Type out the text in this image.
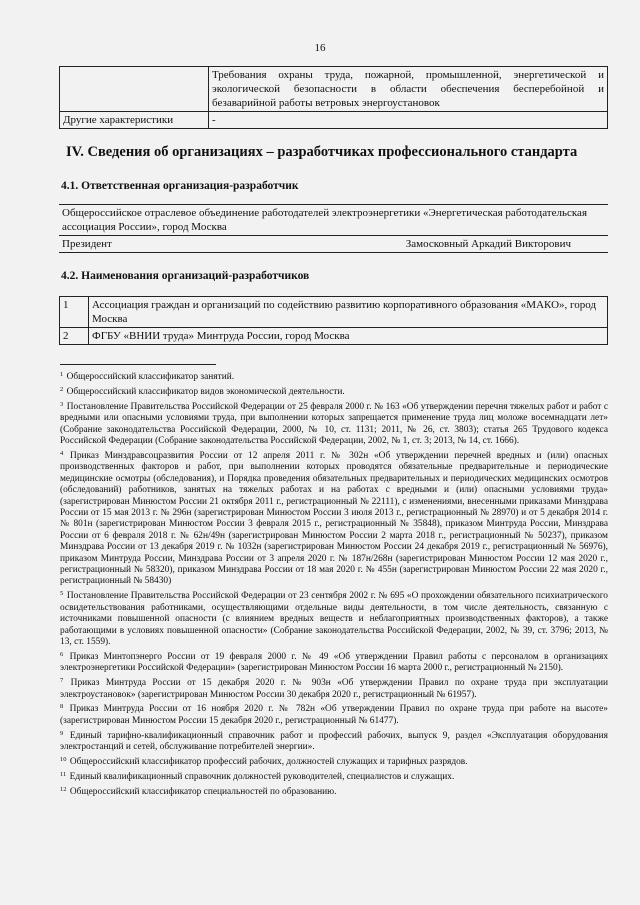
16
	Требования охраны труда, пожарной, промышленной, энергетической и экологической безопасности в области обеспечения бесперебойной и безаварийной работы ветровых энергоустановок
Другие характеристики	-
IV. Сведения об организациях – разработчиках профессионального стандарта
4.1. Ответственная организация-разработчик
Общероссийское отраслевое объединение работодателей электроэнергетики «Энергетическая работодательская ассоциация России», город Москва
Президент	Замосковный Аркадий Викторович
4.2. Наименования организаций-разработчиков
1	Ассоциация граждан и организаций по содействию развитию корпоративного образования «МАКО», город Москва
2	ФГБУ «ВНИИ труда» Минтруда России, город Москва

$^1$ Общероссийский классификатор занятий.

$^2$ Общероссийский классификатор видов экономической деятельности.

$^3$ Постановление Правительства Российской Федерации от 25 февраля 2000 г. № 163 «Об утверждении перечня тяжелых работ и работ с вредными или опасными условиями труда, при выполнении которых запрещается применение труда лиц моложе восемнадцати лет» (Собрание законодательства Российской Федерации, 2000, № 10, ст. 1131; 2011, № 26, ст. 3803); статья 265 Трудового кодекса Российской Федерации (Собрание законодательства Российской Федерации, 2002, № 1, ст. 3; 2013, № 14, ст. 1666).

$^4$ Приказ Минздравсоцразвития России от 12 апреля 2011 г. № 302н «Об утверждении перечней вредных и (или) опасных производственных факторов и работ, при выполнении которых проводятся обязательные предварительные и периодические медицинские осмотры (обследования), и Порядка проведения обязательных предварительных и периодических медицинских осмотров (обследований) работников, занятых на тяжелых работах и на работах с вредными и (или) опасными условиями труда» (зарегистрирован Минюстом России 21 октября 2011 г., регистрационный № 22111), с изменениями, внесенными приказами Минздрава России от 15 мая 2013 г. № 296н (зарегистрирован Минюстом России 3 июля 2013 г., регистрационный № 28970) и от 5 декабря 2014 г. № 801н (зарегистрирован Минюстом России 3 февраля 2015 г., регистрационный № 35848), приказом Минтруда России, Минздрава России от 6 февраля 2018 г. № 62н/49н (зарегистрирован Минюстом России 2 марта 2018 г., регистрационный № 50237), приказом Минздрава России от 13 декабря 2019 г. № 1032н (зарегистрирован Минюстом России 24 декабря 2019 г., регистрационный № 56976), приказом Минтруда России, Минздрава России от 3 апреля 2020 г. № 187н/268н (зарегистрирован Минюстом России 12 мая 2020 г., регистрационный № 58320), приказом Минздрава России от 18 мая 2020 г. № 455н (зарегистрирован Минюстом России 22 мая 2020 г., регистрационный № 58430)

$^5$ Постановление Правительства Российской Федерации от 23 сентября 2002 г. № 695 «О прохождении обязательного психиатрического освидетельствования работниками, осуществляющими отдельные виды деятельности, в том числе деятельность, связанную с источниками повышенной опасности (с влиянием вредных веществ и неблагоприятных производственных факторов), а также работающими в условиях повышенной опасности» (Собрание законодательства Российской Федерации, 2002, № 39, ст. 3796; 2013, № 13, ст. 1559).

$^6$ Приказ Минтопэнерго России от 19 февраля 2000 г. № 49 «Об утверждении Правил работы с персоналом в организациях электроэнергетики Российской Федерации» (зарегистрирован Минюстом России 16 марта 2000 г., регистрационный № 2150).

$^7$ Приказ Минтруда России от 15 декабря 2020 г. № 903н «Об утверждении Правил по охране труда при эксплуатации электроустановок» (зарегистрирован Минюстом России 30 декабря 2020 г., регистрационный № 61957).

$^8$ Приказ Минтруда России от 16 ноября 2020 г. № 782н «Об утверждении Правил по охране труда при работе на высоте» (зарегистрирован Минюстом России 15 декабря 2020 г., регистрационный № 61477).

$^9$ Единый тарифно-квалификационный справочник работ и профессий рабочих, выпуск 9, раздел «Эксплуатация оборудования электростанций и сетей, обслуживание потребителей энергии».

$^{10}$ Общероссийский классификатор профессий рабочих, должностей служащих и тарифных разрядов.

$^{11}$ Единый квалификационный справочник должностей руководителей, специалистов и служащих.

$^{12}$ Общероссийский классификатор специальностей по образованию.
